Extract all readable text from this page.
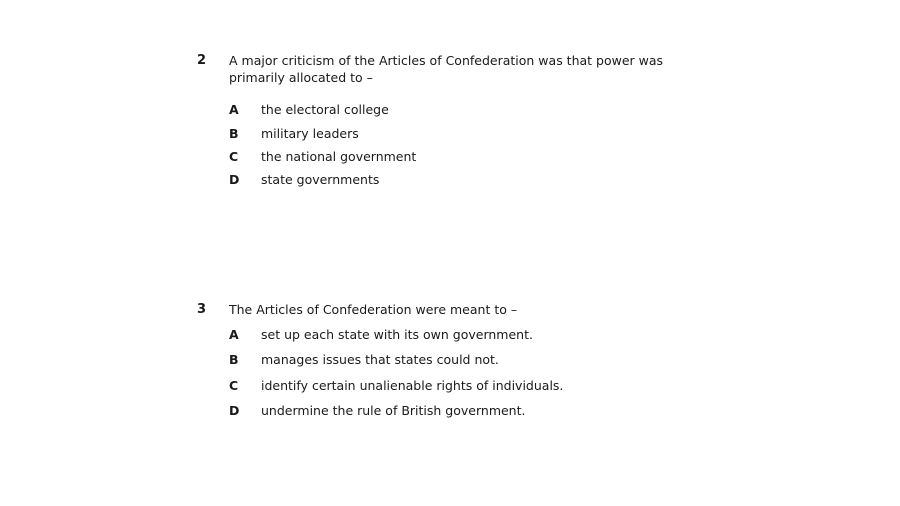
2 A major criticism of the Articles of Confederation was that power was primarily allocated to –
A the electoral college
B military leaders
C the national government
D state governments
3 The Articles of Confederation were meant to –
A set up each state with its own government.
B manages issues that states could not.
C identify certain unalienable rights of individuals.
D undermine the rule of British government.
